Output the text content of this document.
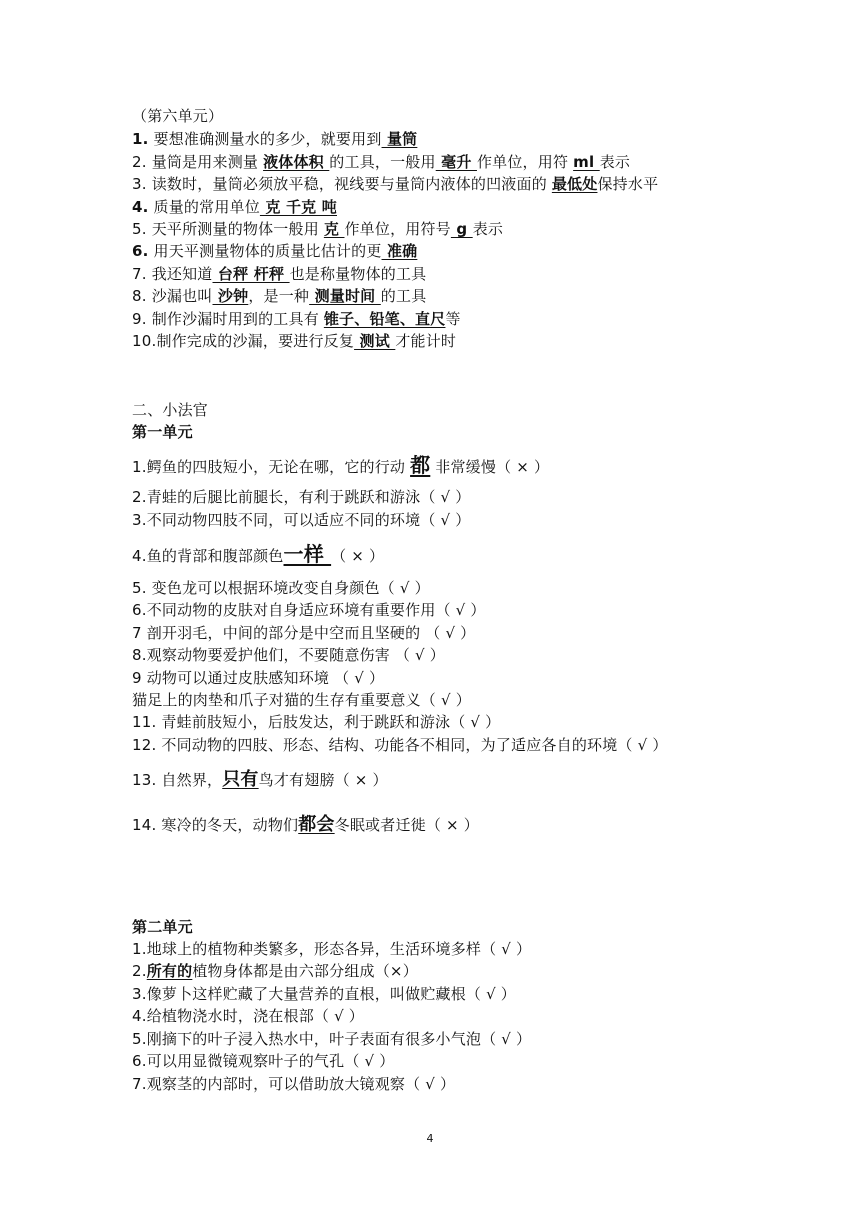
（第六单元）
1. 要想准确测量水的多少，就要用到 量筒
2. 量筒是用来测量 液体体积 的工具，一般用 毫升 作单位，用符 ml 表示
3. 读数时，量筒必须放平稳，视线要与量筒内液体的凹液面的 最低处保持水平
4. 质量的常用单位 克 千克 吨
5. 天平所测量的物体一般用 克 作单位，用符号 g 表示
6. 用天平测量物体的质量比估计的更 准确
7. 我还知道 台秤 杆秤 也是称量物体的工具
8. 沙漏也叫 沙钟，是一种 测量时间 的工具
9. 制作沙漏时用到的工具有 锥子、铅笔、直尺等
10.制作完成的沙漏，要进行反复 测试 才能计时
二、小法官
第一单元
1.鳄鱼的四肢短小，无论在哪，它的行动 都 非常缓慢（ × ）
2.青蛙的后腿比前腿长，有利于跳跃和游泳（ √ ）
3.不同动物四肢不同，可以适应不同的环境（ √ ）
4.鱼的背部和腹部颜色一样 （ × ）
5. 变色龙可以根据环境改变自身颜色（ √ ）
6.不同动物的皮肤对自身适应环境有重要作用（ √ ）
7 剖开羽毛，中间的部分是中空而且坚硬的 （ √ ）
8.观察动物要爱护他们，不要随意伤害 （ √ ）
9 动物可以通过皮肤感知环境 （ √ ）
猫足上的肉垫和爪子对猫的生存有重要意义（ √ ）
11. 青蛙前肢短小，后肢发达，利于跳跃和游泳（ √ ）
12. 不同动物的四肢、形态、结构、功能各不相同，为了适应各自的环境（ √ ）
13. 自然界，只有鸟才有翅膀（ × ）
14. 寒冷的冬天，动物们都会冬眠或者迁徙（ × ）
第二单元
1.地球上的植物种类繁多，形态各异，生活环境多样（ √ ）
2.所有的植物身体都是由六部分组成（×）
3.像萝卜这样贮藏了大量营养的直根，叫做贮藏根（ √ ）
4.给植物浇水时，浇在根部（ √ ）
5.刚摘下的叶子浸入热水中，叶子表面有很多小气泡（ √ ）
6.可以用显微镜观察叶子的气孔（ √ ）
7.观察茎的内部时，可以借助放大镜观察（ √ ）
4
